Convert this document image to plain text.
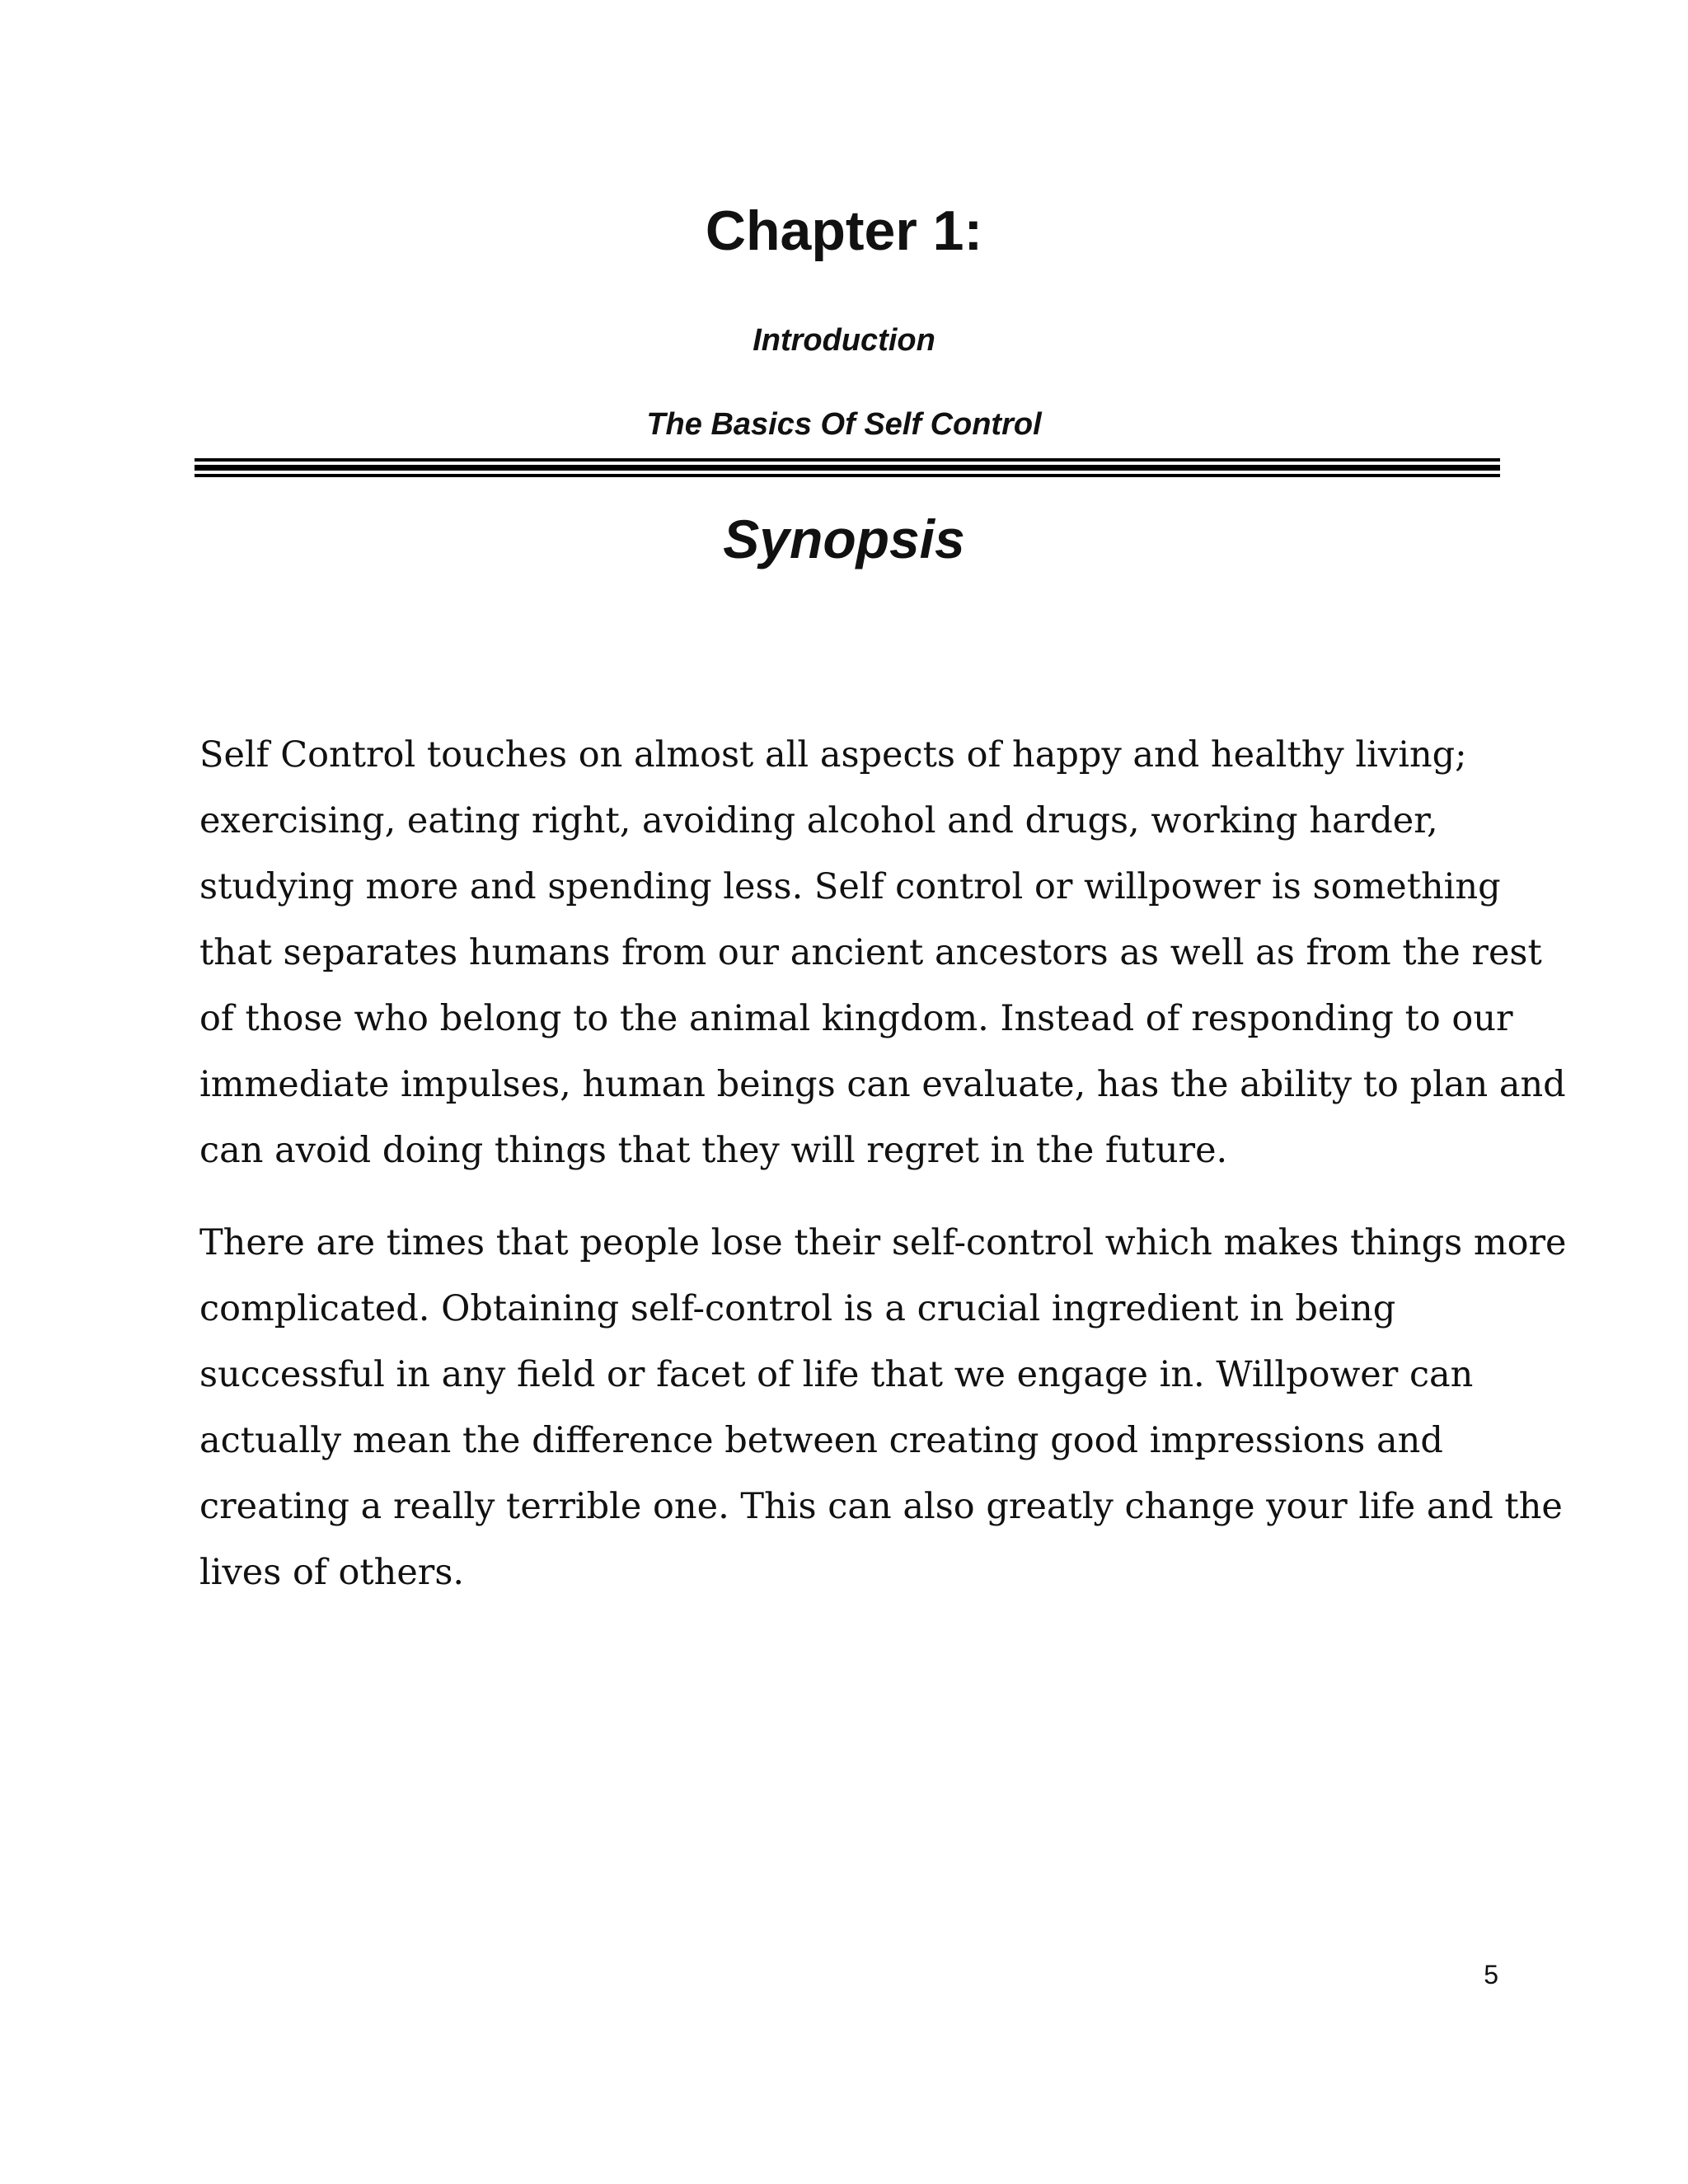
Chapter 1:

Introduction

The Basics Of Self Control

Synopsis

Self Control touches on almost all aspects of happy and healthy living;
exercising, eating right, avoiding alcohol and drugs, working harder,
studying more and spending less. Self control or willpower is something
that separates humans from our ancient ancestors as well as from the rest
of those who belong to the animal kingdom. Instead of responding to our
immediate impulses, human beings can evaluate, has the ability to plan and
can avoid doing things that they will regret in the future.

There are times that people lose their self-control which makes things more
complicated. Obtaining self-control is a crucial ingredient in being
successful in any field or facet of life that we engage in. Willpower can
actually mean the difference between creating good impressions and
creating a really terrible one. This can also greatly change your life and the
lives of others.

5
